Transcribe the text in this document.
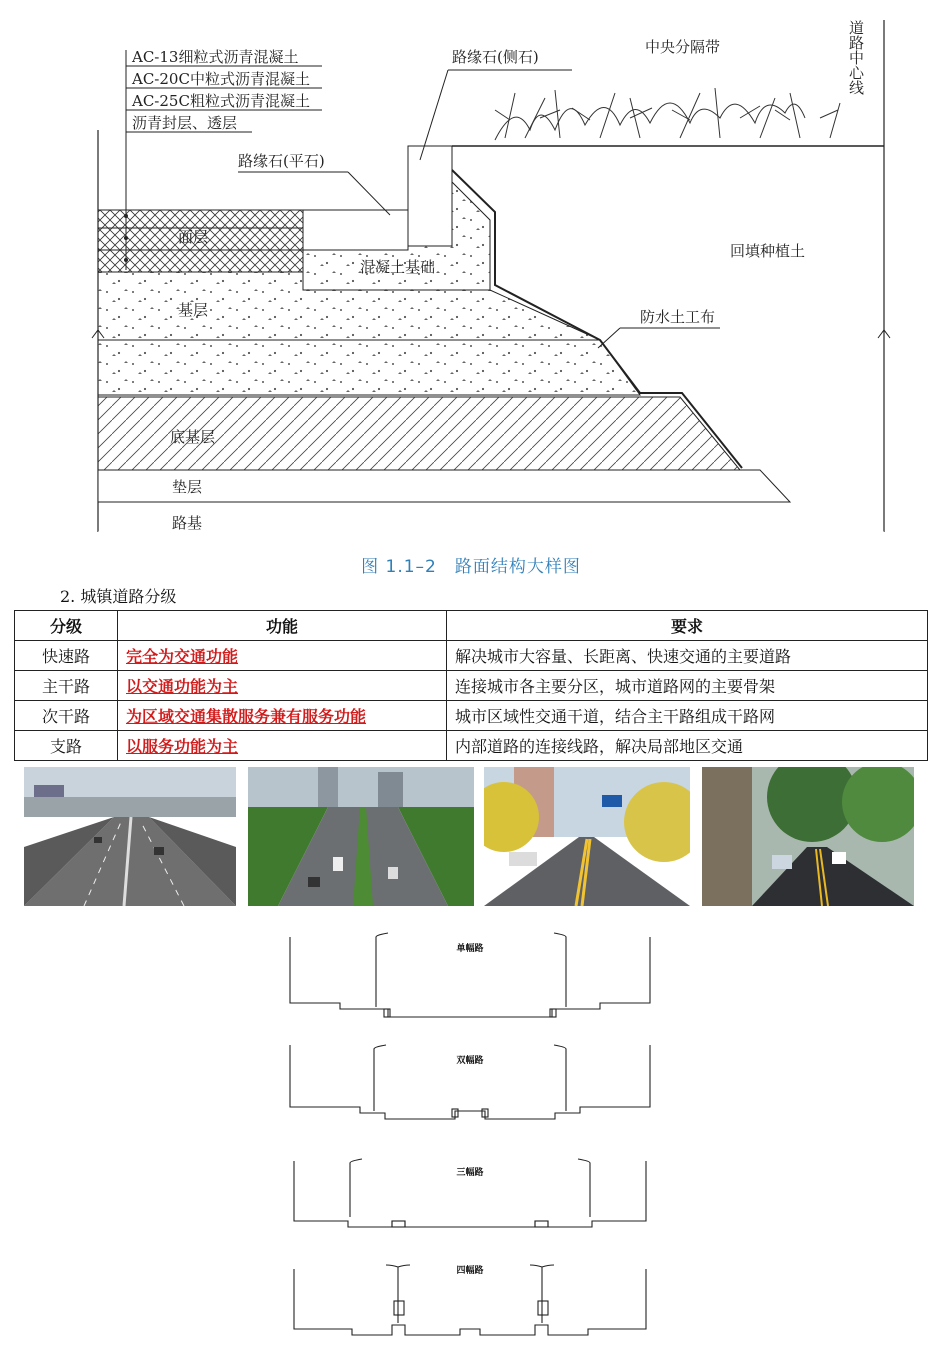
AC-13细粒式沥青混凝土
AC-20C中粒式沥青混凝土
AC-25C粗粒式沥青混凝土
沥青封层、透层
路缘石(侧石)
中央分隔带
路缘石(平石)
面层
混凝土基础
回填种植土
基层	防水土工布
底基层
垫层
路基
道路中心线
图 1.1–2　路面结构大样图
2. 城镇道路分级
分级	功能	要求
快速路	完全为交通功能	解决城市大容量、长距离、快速交通的主要道路
主干路	以交通功能为主	连接城市各主要分区，城市道路网的主要骨架
次干路	为区域交通集散服务兼有服务功能	城市区域性交通干道，结合主干路组成干路网
支路	以服务功能为主	内部道路的连接线路，解决局部地区交通
单幅路
双幅路
三幅路
四幅路
